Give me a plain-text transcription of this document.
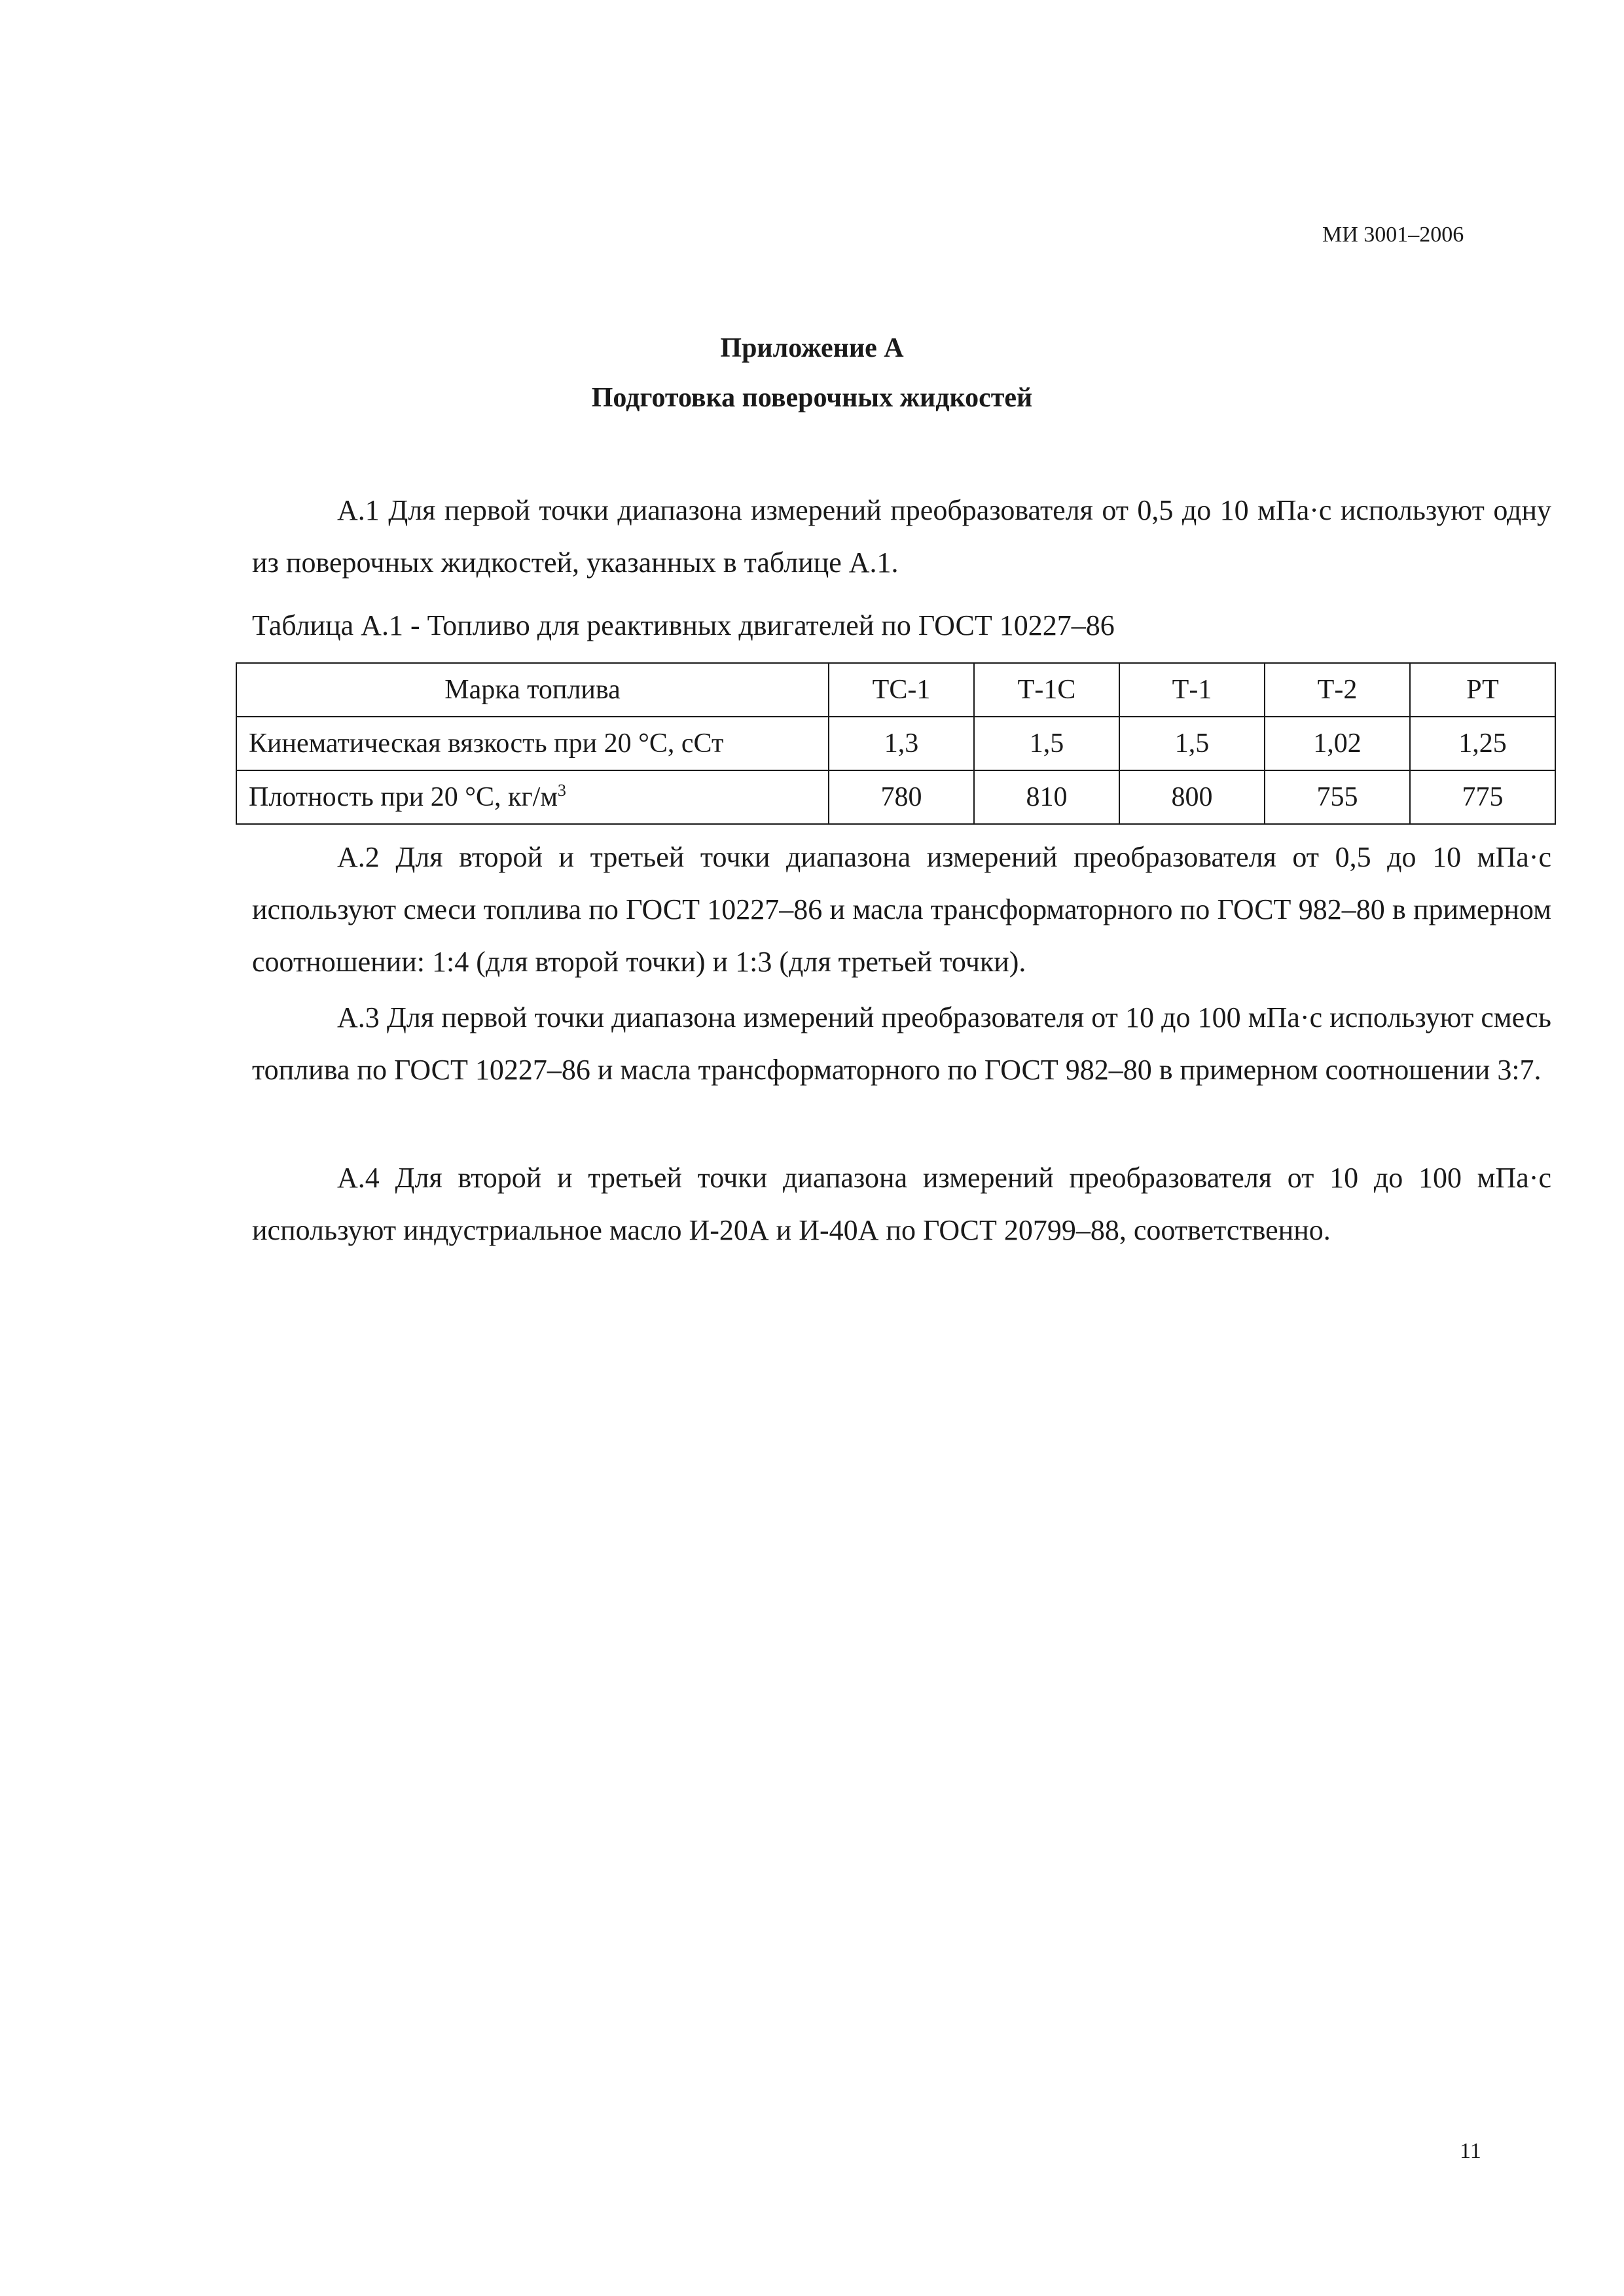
МИ 3001–2006
Приложение А
Подготовка поверочных жидкостей

А.1 Для первой точки диапазона измерений преобразователя от 0,5 до 10 мПа·с используют одну из поверочных жидкостей, указанных в таблице А.1.

Таблица А.1 - Топливо для реактивных двигателей по ГОСТ 10227–86
Марка топлива	ТС-1	Т-1С	Т-1	Т-2	РТ
Кинематическая вязкость при 20 °С, сСт	1,3	1,5	1,5	1,02	1,25
Плотность при 20 °С, $кг/м^3$	780	810	800	755	775

А.2 Для второй и третьей точки диапазона измерений преобразователя от 0,5 до 10 мПа·с используют смеси топлива по ГОСТ 10227–86 и масла трансформаторного по ГОСТ 982–80 в примерном соотношении: 1:4 (для второй точки) и 1:3 (для третьей точки).

А.3 Для первой точки диапазона измерений преобразователя от 10 до 100 мПа·с используют смесь топлива по ГОСТ 10227–86 и масла трансформаторного по ГОСТ 982–80 в примерном соотношении 3:7.

А.4 Для второй и третьей точки диапазона измерений преобразователя от 10 до 100 мПа·с используют индустриальное масло И-20А и И-40А по ГОСТ 20799–88, соответственно.

11
